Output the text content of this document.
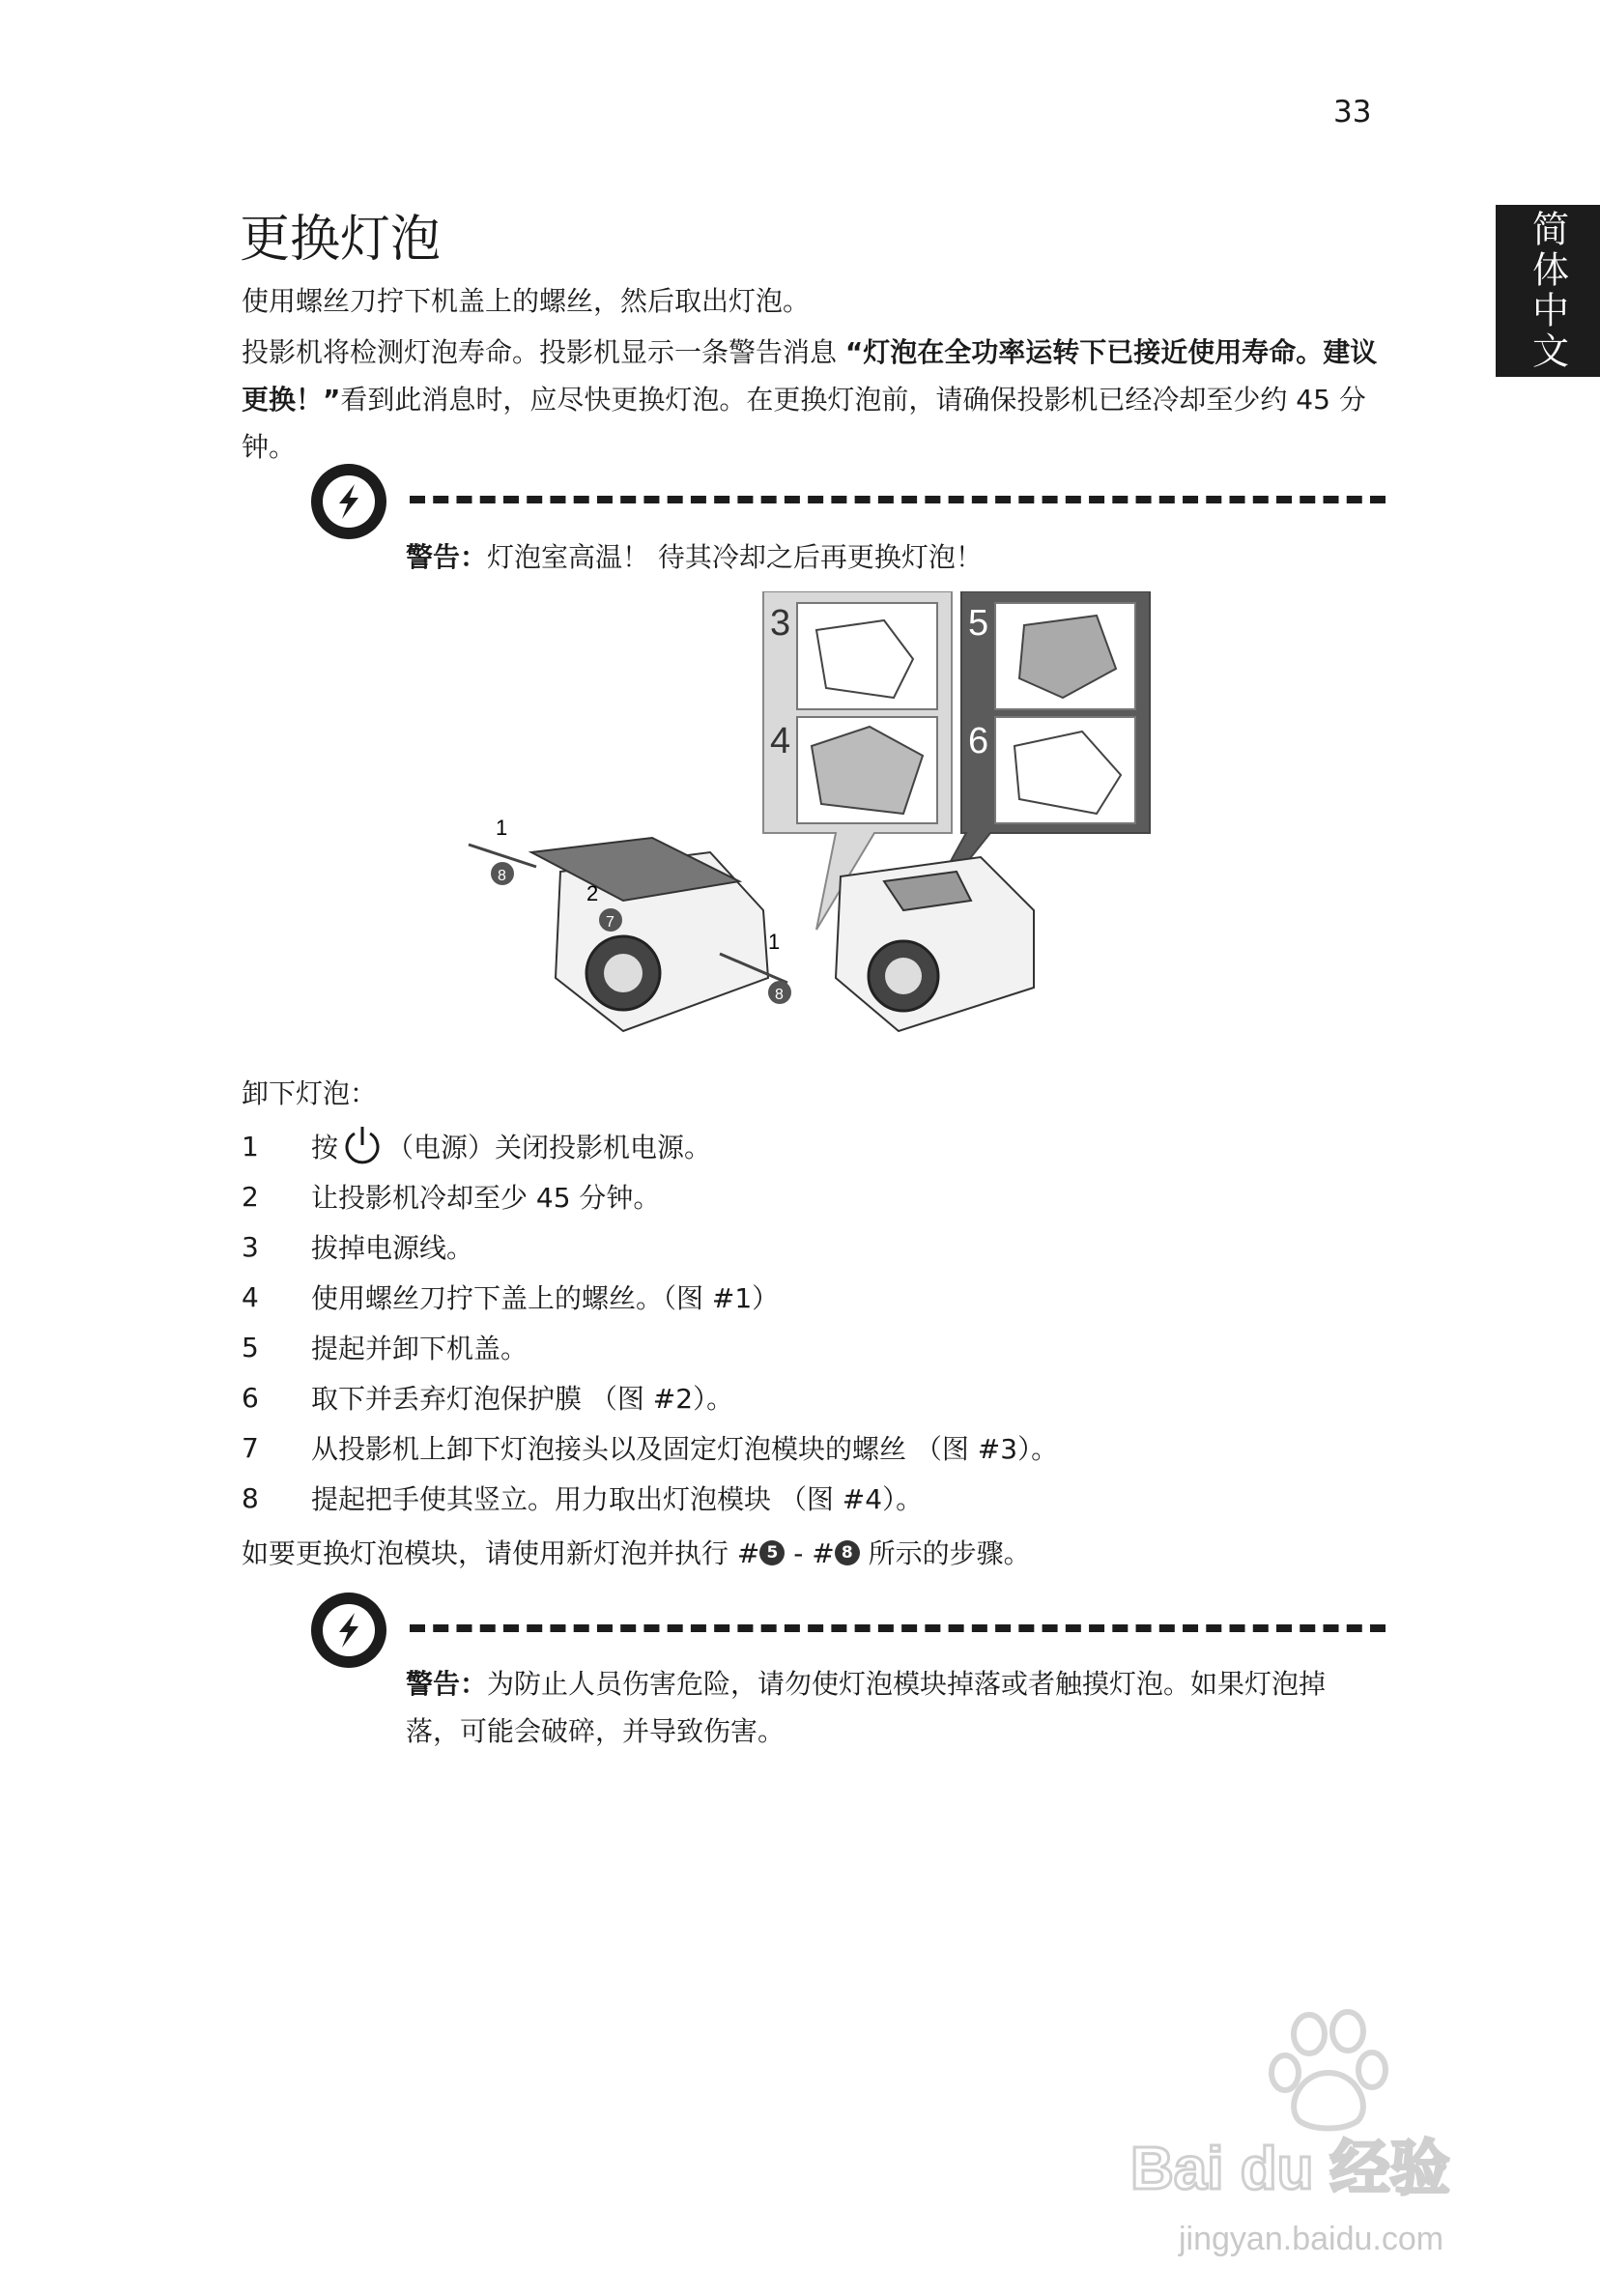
33
简体中文
更换灯泡
使用螺丝刀拧下机盖上的螺丝，然后取出灯泡。
投影机将检测灯泡寿命。投影机显示一条警告消息 “灯泡在全功率运转下已接近使用寿命。建议更换！”看到此消息时，应尽快更换灯泡。在更换灯泡前，请确保投影机已经冷却至少约 45 分钟。
警告：灯泡室高温！ 待其冷却之后再更换灯泡！
3
4
5
6
1
2
1
8
7
8
卸下灯泡：
1	按 （电源）关闭投影机电源。
2	让投影机冷却至少 45 分钟。
3	拔掉电源线。
4	使用螺丝刀拧下盖上的螺丝。（图 #1）
5	提起并卸下机盖。
6	取下并丢弃灯泡保护膜 （图 #2）。
7	从投影机上卸下灯泡接头以及固定灯泡模块的螺丝 （图 #3）。
8	提起把手使其竖立。用力取出灯泡模块 （图 #4）。
如要更换灯泡模块，请使用新灯泡并执行 # 5 - # 8 所示的步骤。
警告：为防止人员伤害危险，请勿使灯泡模块掉落或者触摸灯泡。如果灯泡掉落，可能会破碎，并导致伤害。
Bai du 经验
jingyan.baidu.com
